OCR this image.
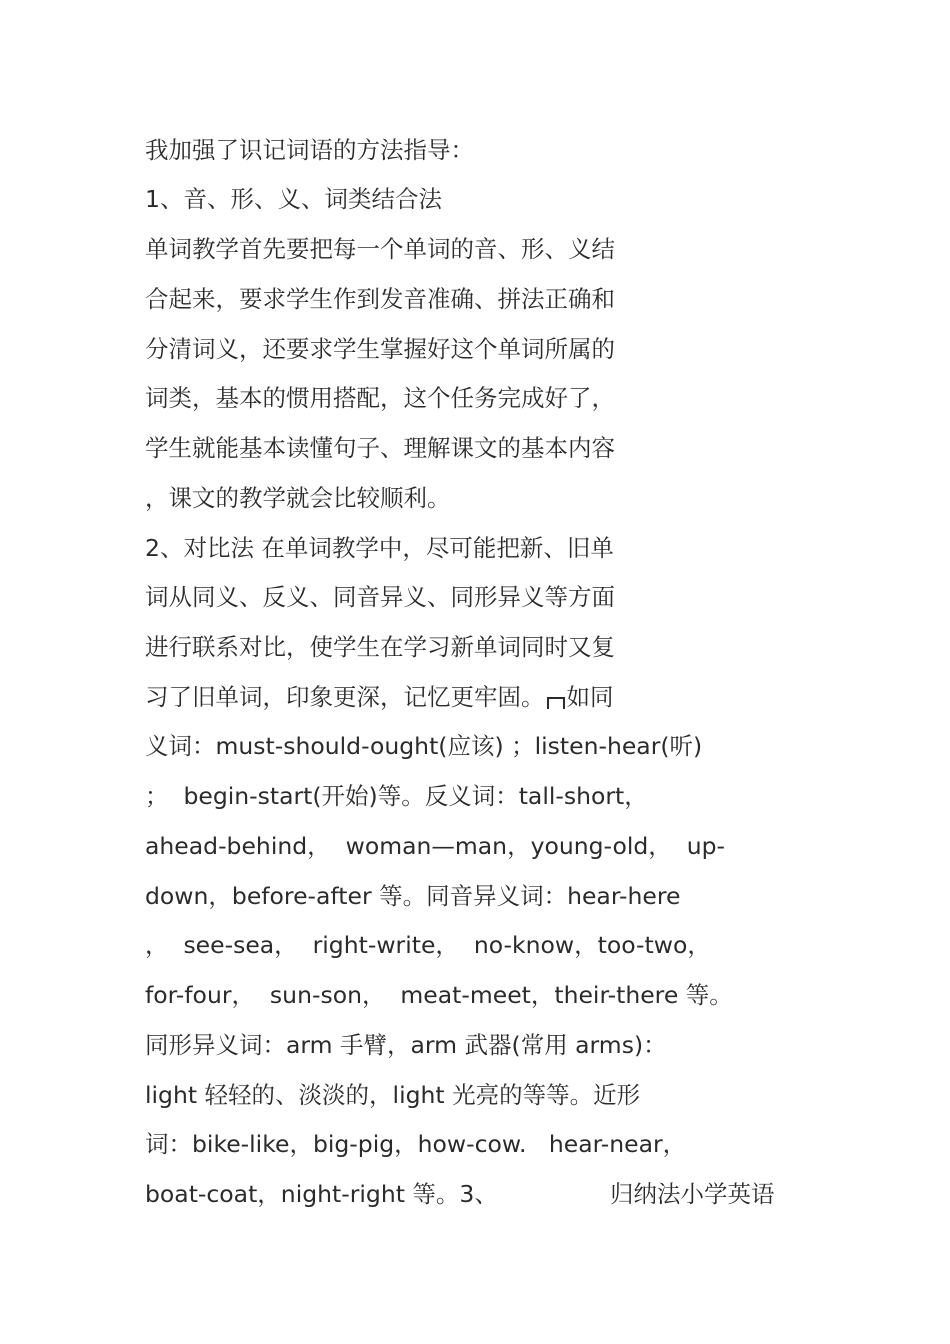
我加强了识记词语的方法指导：
1、音、形、义、词类结合法
单词教学首先要把每一个单词的音、形、义结
合起来，要求学生作到发音准确、拼法正确和
分清词义，还要求学生掌握好这个单词所属的
词类，基本的惯用搭配，这个任务完成好了，
学生就能基本读懂句子、理解课文的基本内容
，课文的教学就会比较顺利。
2、对比法 在单词教学中，尽可能把新、旧单
词从同义、反义、同音异义、同形异义等方面
进行联系对比，使学生在学习新单词同时又复
习了旧单词，印象更深，记忆更牢固。 如同
义词：must-should-ought(应该) ；listen-hear(听)
；  begin-start(开始)等。反义词：tall-short，
ahead-behind，  woman—man，young-old，  up-
down，before-after 等。同音异义词：hear-here
，  see-sea，  right-write，  no-know，too-two，
for-four，  sun-son，  meat-meet，their-there 等。
同形异义词：arm 手臂，arm 武器(常用 arms)：
light 轻轻的、淡淡的，light 光亮的等等。近形
词：bike-like，big-pig，how-cow.   hear-near，
boat-coat，night-right 等。3、	归纳法小学英语
